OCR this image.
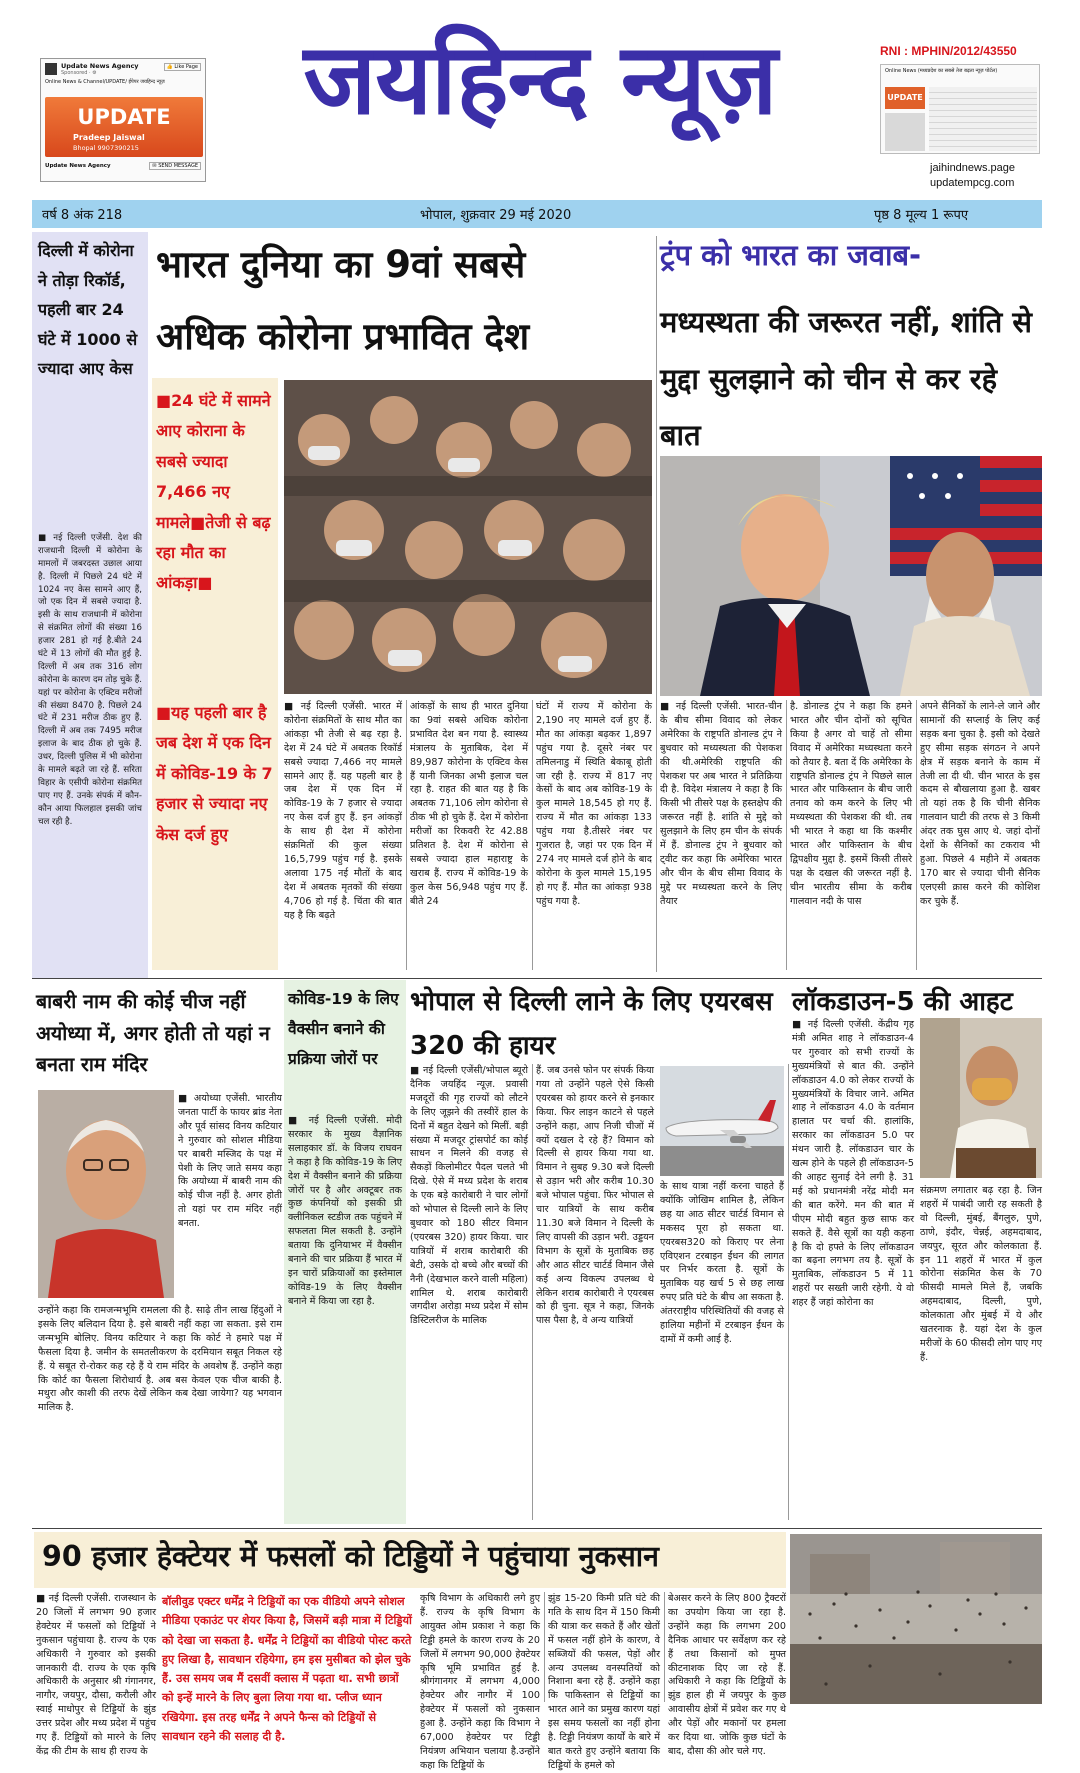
Update News Agency
Sponsored · ⚙
👍 Like Page
Online News & Channel/UPDATE/ ईपेपर जयहिन्द न्यूज़
UPDATE
Pradeep Jaiswal
Bhopal 9907390215
Update News Agency	✉ SEND MESSAGE
जयहिन्द न्यूज़	RNI : MPHIN/2012/43550
Online News (मध्यप्रदेश का सबसे तेज बढ़ता न्यूज़ पोर्टल)
UPDATE
jaihindnews.page
updatempcg.com
वर्ष 8 अंक 218	भोपाल, शुक्रवार 29 मई 2020	पृष्ठ 8 मूल्य 1 रूपए
दिल्ली में कोरोना ने तोड़ा रिकॉर्ड, पहली बार 24 घंटे में 1000 से ज्यादा आए केस
■ नई दिल्ली एजेंसी. देश की राजधानी दिल्ली में कोरोना के मामलों में जबरदस्त उछाल आया है. दिल्ली में पिछले 24 घंटे में 1024 नए केस सामने आए हैं, जो एक दिन में सबसे ज्यादा है. इसी के साथ राजधानी में कोरोना से संक्रमित लोगों की संख्या 16 हजार 281 हो गई है.बीते 24 घंटे में 13 लोगों की मौत हुई है. दिल्ली में अब तक 316 लोग कोरोना के कारण दम तोड़ चुके हैं. यहां पर कोरोना के एक्टिव मरीजों की संख्या 8470 है. पिछले 24 घंटे में 231 मरीज ठीक हुए हैं. दिल्ली में अब तक 7495 मरीज इलाज के बाद ठीक हो चुके हैं. उधर, दिल्ली पुलिस में भी कोरोना के मामले बढ़ते जा रहे हैं. सरिता विहार के एसीपी कोरोना संक्रमित पाए गए हैं. उनके संपर्क में कौन-कौन आया फिलहाल इसकी जांच चल रही है.
भारत दुनिया का 9वां सबसे
अधिक कोरोना प्रभावित देश
■24 घंटे में सामने आए कोराना के सबसे ज्यादा 7,466 नए मामले■तेजी से बढ़ रहा मौत का आंकड़ा■
■यह पहली बार है जब देश में एक दिन में कोविड-19 के 7 हजार से ज्यादा नए केस दर्ज हुए
■ नई दिल्ली एजेंसी. भारत में कोरोना संक्रमितों के साथ मौत का आंकड़ा भी तेजी से बढ़ रहा है. देश में 24 घंटे में अबतक रिकॉर्ड सबसे ज्यादा 7,466 नए मामले सामने आए हैं. यह पहली बार है जब देश में एक दिन में कोविड-19 के 7 हजार से ज्यादा नए केस दर्ज हुए हैं. इन आंकड़ों के साथ ही देश में कोरोना संक्रमितों की कुल संख्या 16,5,799 पहुंच गई है. इसके अलावा 175 नई मौतों के बाद देश में अबतक मृतकों की संख्या 4,706 हो गई है. चिंता की बात यह है कि बढ़ते
आंकड़ों के साथ ही भारत दुनिया का 9वां सबसे अधिक कोरोना प्रभावित देश बन गया है. स्वास्थ्य मंत्रालय के मुताबिक, देश में 89,987 कोरोना के एक्टिव केस हैं यानी जिनका अभी इलाज चल रहा है. राहत की बात यह है कि अबतक 71,106 लोग कोरोना से ठीक भी हो चुके हैं. देश में कोरोना मरीजों का रिकवरी रेट 42.88 प्रतिशत है. देश में कोरोना से सबसे ज्यादा हाल महाराष्ट्र के खराब हैं. राज्य में कोविड-19 के कुल केस 56,948 पहुंच गए हैं. बीते 24
घंटों में राज्य में कोरोना के 2,190 नए मामले दर्ज हुए हैं. मौत का आंकड़ा बढ़कर 1,897 पहुंच गया है. दूसरे नंबर पर तमिलनाडु में स्थिति बेकाबू होती जा रही है. राज्य में 817 नए केसों के बाद अब कोविड-19 के कुल मामले 18,545 हो गए हैं. राज्य में मौत का आंकड़ा 133 पहुंच गया है.तीसरे नंबर पर गुजरात है, जहां पर एक दिन में 274 नए मामले दर्ज होने के बाद कोरोना के कुल मामले 15,195 हो गए हैं. मौत का आंकड़ा 938 पहुंच गया है.
ट्रंप को भारत का जवाब-
मध्यस्थता की जरूरत नहीं, शांति से मुद्दा सुलझाने को चीन से कर रहे बात
■ नई दिल्ली एजेंसी. भारत-चीन के बीच सीमा विवाद को लेकर अमेरिका के राष्ट्रपति डोनाल्ड ट्रंप ने बुधवार को मध्यस्थता की पेशकश की थी.अमेरिकी राष्ट्रपति की पेशकश पर अब भारत ने प्रतिक्रिया दी है. विदेश मंत्रालय ने कहा है कि किसी भी तीसरे पक्ष के हस्तक्षेप की जरूरत नहीं है. शांति से मुद्दे को सुलझाने के लिए हम चीन के संपर्क में हैं. डोनाल्ड ट्रंप ने बुधवार को ट्वीट कर कहा कि अमेरिका भारत और चीन के बीच सीमा विवाद के मुद्दे पर मध्यस्थता करने के लिए तैयार
है. डोनाल्ड ट्रंप ने कहा कि हमने भारत और चीन दोनों को सूचित किया है अगर वो चाहें तो सीमा विवाद में अमेरिका मध्यस्थता करने को तैयार है. बता दें कि अमेरिका के राष्ट्रपति डोनाल्ड ट्रंप ने पिछले साल भारत और पाकिस्तान के बीच जारी तनाव को कम करने के लिए भी मध्यस्थता की पेशकश की थी. तब भी भारत ने कहा था कि कश्मीर भारत और पाकिस्तान के बीच द्विपक्षीय मुद्दा है. इसमें किसी तीसरे पक्ष के दखल की जरूरत नहीं है. चीन भारतीय सीमा के करीब गालवान नदी के पास
अपने सैनिकों के लाने-ले जाने और सामानों की सप्लाई के लिए कई सड़क बना चुका है. इसी को देखते हुए सीमा सड़क संगठन ने अपने क्षेत्र में सड़क बनाने के काम में तेजी ला दी थी. चीन भारत के इस कदम से बौखलाया हुआ है. खबर तो यहां तक है कि चीनी सैनिक गालवान घाटी की तरफ से 3 किमी अंदर तक घुस आए थे. जहां दोनों देशों के सैनिकों का टकराव भी हुआ. पिछले 4 महीने में अबतक 170 बार से ज्यादा चीनी सैनिक एलएसी क्रास करने की कोशिश कर चुके हैं.
बाबरी नाम की कोई चीज नहीं अयोध्या में, अगर होती तो यहां न बनता राम मंदिर
■ अयोध्या एजेंसी. भारतीय जनता पार्टी के फायर ब्रांड नेता और पूर्व सांसद विनय कटियार ने गुरुवार को सोशल मीडिया पर बाबरी मस्जिद के पक्ष में पेशी के लिए जाते समय कहा कि अयोध्या में बाबरी नाम की कोई चीज नहीं है. अगर होती तो यहां पर राम मंदिर नहीं बनता.
उन्होंने कहा कि रामजन्मभूमि रामलला की है. साढ़े तीन लाख हिंदुओं ने इसके लिए बलिदान दिया है. इसे बाबरी नहीं कहा जा सकता. इसे राम जन्मभूमि बोलिए. विनय कटियार ने कहा कि कोर्ट ने हमारे पक्ष में फैसला दिया है. जमीन के समतलीकरण के दरमियान सबूत निकल रहे हैं. ये सबूत रो-रोकर कह रहे हैं ये राम मंदिर के अवशेष हैं. उन्होंने कहा कि कोर्ट का फैसला शिरोधार्य है. अब बस केवल एक चीज बाकी है. मथुरा और काशी की तरफ देखें लेकिन कब देखा जायेगा? यह भगवान मालिक है.
कोविड-19 के लिए वैक्सीन बनाने की प्रक्रिया जोरों पर
■ नई दिल्ली एजेंसी. मोदी सरकार के मुख्य वैज्ञानिक सलाहकार डॉ. के विजय राघवन ने कहा है कि कोविड-19 के लिए देश में वैक्सीन बनाने की प्रक्रिया जोरों पर है और अक्टूबर तक कुछ कंपनियों को इसकी प्री क्लीनिकल स्टडीज तक पहुंचने में सफलता मिल सकती है. उन्होंने बताया कि दुनियाभर में वैक्सीन बनाने की चार प्रक्रिया हैं भारत में इन चारों प्रक्रियाओं का इस्तेमाल कोविड-19 के लिए वैक्सीन बनाने में किया जा रहा है.
भोपाल से दिल्ली लाने के लिए एयरबस 320 की हायर
■ नई दिल्ली एजेंसी/भोपाल ब्यूरो दैनिक जयहिंद न्यूज़. प्रवासी मजदूरों की गृह राज्यों को लौटने के लिए जूझने की तस्वीरें हाल के दिनों में बहुत देखने को मिलीं. बड़ी संख्या में मजदूर ट्रांसपोर्ट का कोई साधन न मिलने की वजह से सैकड़ों किलोमीटर पैदल चलते भी दिखे. ऐसे में मध्य प्रदेश के शराब के एक बड़े कारोबारी ने चार लोगों को भोपाल से दिल्ली लाने के लिए बुधवार को 180 सीटर विमान (एयरबस 320) हायर किया. चार यात्रियों में शराब कारोबारी की बेटी, उसके दो बच्चे और बच्चों की नैनी (देखभाल करने वाली महिला) शामिल थे. शराब कारोबारी जगदीश अरोड़ा मध्य प्रदेश में सोम डिस्टिलरीज के मालिक
हैं. जब उनसे फोन पर संपर्क किया गया तो उन्होंने पहले ऐसे किसी एयरबस को हायर करने से इनकार किया. फिर लाइन काटने से पहले उन्होंने कहा, आप निजी चीजों में क्यों दखल दे रहे हैं? विमान को दिल्ली से हायर किया गया था. विमान ने सुबह 9.30 बजे दिल्ली से उड़ान भरी और करीब 10.30 बजे भोपाल पहुंचा. फिर भोपाल से चार यात्रियों के साथ करीब 11.30 बजे विमान ने दिल्ली के लिए वापसी की उड़ान भरी. उड्डयन विभाग के सूत्रों के मुताबिक छह और आठ सीटर चार्टर्ड विमान जैसे कई अन्य विकल्प उपलब्ध थे लेकिन शराब कारोबारी ने एयरबस को ही चुना. सूत्र ने कहा, जिनके पास पैसा है, वे अन्य यात्रियों
के साथ यात्रा नहीं करना चाहते हैं क्योंकि जोखिम शामिल है, लेकिन छह या आठ सीटर चार्टर्ड विमान से मकसद पूरा हो सकता था. एयरबस320 को किराए पर लेना एविएशन टरबाइन ईंधन की लागत पर निर्भर करता है. सूत्रों के मुताबिक यह खर्च 5 से छह लाख रुपए प्रति घंटे के बीच आ सकता है. अंतरराष्ट्रीय परिस्थितियों की वजह से हालिया महीनों में टरबाइन ईंधन के दामों में कमी आई है.
लॉकडाउन-5 की आहट
■ नई दिल्ली एजेंसी. केंद्रीय गृह मंत्री अमित शाह ने लॉकडाउन-4 पर गुरुवार को सभी राज्यों के मुख्यमंत्रियों से बात की. उन्होंने लॉकडाउन 4.0 को लेकर राज्यों के मुख्यमंत्रियों के विचार जाने. अमित शाह ने लॉकडाउन 4.0 के वर्तमान हालात पर चर्चा की. हालांकि, सरकार का लॉकडाउन 5.0 पर मंथन जारी है. लॉकडाउन चार के खत्म होने के पहले ही लॉकडाउन-5 की आहट सुनाई देने लगी है. 31 मई को प्रधानमंत्री नरेंद्र मोदी मन की बात करेंगे. मन की बात में पीएम मोदी बहुत कुछ साफ कर सकते हैं. वैसे सूत्रों का यही कहना है कि दो हफ्ते के लिए लॉकडाउन का बढ़ना लगभग तय है. सूत्रों के मुताबिक, लॉकडाउन 5 में 11 शहरों पर सख्ती जारी रहेगी. ये वो शहर हैं जहां कोरोना का
संक्रमण लगातार बढ़ रहा है. जिन शहरों में पाबंदी जारी रह सकती है वो दिल्ली, मुंबई, बैंगलुरु, पुणे, ठाणे, इंदौर, चेन्नई, अहमदाबाद, जयपुर, सूरत और कोलकाता हैं. इन 11 शहरों में भारत में कुल कोरोना संक्रमित केस के 70 फीसदी मामले मिले हैं, जबकि अहमदाबाद, दिल्ली, पुणे, कोलकाता और मुंबई में ये और खतरनाक है. यहां देश के कुल मरीजों के 60 फीसदी लोग पाए गए हैं.
90 हजार हेक्टेयर में फसलों को टिड्डियों ने पहुंचाया नुकसान
■ नई दिल्ली एजेंसी. राजस्थान के 20 जिलों में लगभग 90 हजार हेक्टेयर में फसलों को टिड्डियों ने नुकसान पहुंचाया है. राज्य के एक अधिकारी ने गुरुवार को इसकी जानकारी दी. राज्य के एक कृषि अधिकारी के अनुसार श्री गंगानगर, नागौर, जयपुर, दौसा, करौली और स्वाई माधोपुर से टिड्डियों के झुंड उत्तर प्रदेश और मध्य प्रदेश में पहुंच गए हैं. टिड्डियों को मारने के लिए केंद्र की टीम के साथ ही राज्य के
बॉलीवुड एक्टर धर्मेंद्र ने टिड्डियों का एक वीडियो अपने सोशल मीडिया एकाउंट पर शेयर किया है, जिसमें बड़ी मात्रा में टिड्डियों को देखा जा सकता है. धर्मेंद्र ने टिड्डियों का वीडियो पोस्ट करते हुए लिखा है, सावधान रहियेगा, हम इस मुसीबत को झेल चुके हैं. उस समय जब मैं दसवीं क्लास में पढ़ता था. सभी छात्रों को इन्हें मारने के लिए बुला लिया गया था. प्लीज ध्यान रखियेगा. इस तरह धर्मेंद्र ने अपने फैन्स को टिड्डियों से सावधान रहने की सलाह दी है.
कृषि विभाग के अधिकारी लगे हुए हैं. राज्य के कृषि विभाग के आयुक्त ओम प्रकाश ने कहा कि टिड्डी हमले के कारण राज्य के 20 जिलों में लगभग 90,000 हेक्टेयर कृषि भूमि प्रभावित हुई है. श्रीगंगानगर में लगभग 4,000 हेक्टेयर और नागौर में 100 हेक्टेयर में फसलों को नुकसान हुआ है. उन्होंने कहा कि विभाग ने 67,000 हेक्टेयर पर टिड्डी नियंत्रण अभियान चलाया है.उन्होंने कहा कि टिड्डियों के
झुंड 15-20 किमी प्रति घंटे की गति के साथ दिन में 150 किमी की यात्रा कर सकते हैं और खेतों में फसल नहीं होने के कारण, वे सब्जियों की फसल, पेड़ों और अन्य उपलब्ध वनस्पतियों को निशाना बना रहे हैं. उन्होंने कहा कि पाकिस्तान से टिड्डियों का भारत आने का प्रमुख कारण यहां इस समय फसलों का नहीं होना है. टिड्डी नियंत्रण कार्यों के बारे में बात करते हुए उन्होंने बताया कि टिड्डियों के हमले को
बेअसर करने के लिए 800 ट्रैक्टरों का उपयोग किया जा रहा है. उन्होंने कहा कि लगभग 200 दैनिक आधार पर सर्वेक्षण कर रहे हैं तथा किसानों को मुफ्त कीटनाशक दिए जा रहे हैं. अधिकारी ने कहा कि टिड्डियों के झुंड हाल ही में जयपुर के कुछ आवासीय क्षेत्रों में प्रवेश कर गए थे और पेड़ों और मकानों पर हमला कर दिया था. जोकि कुछ घंटों के बाद, दौसा की ओर चले गए.
